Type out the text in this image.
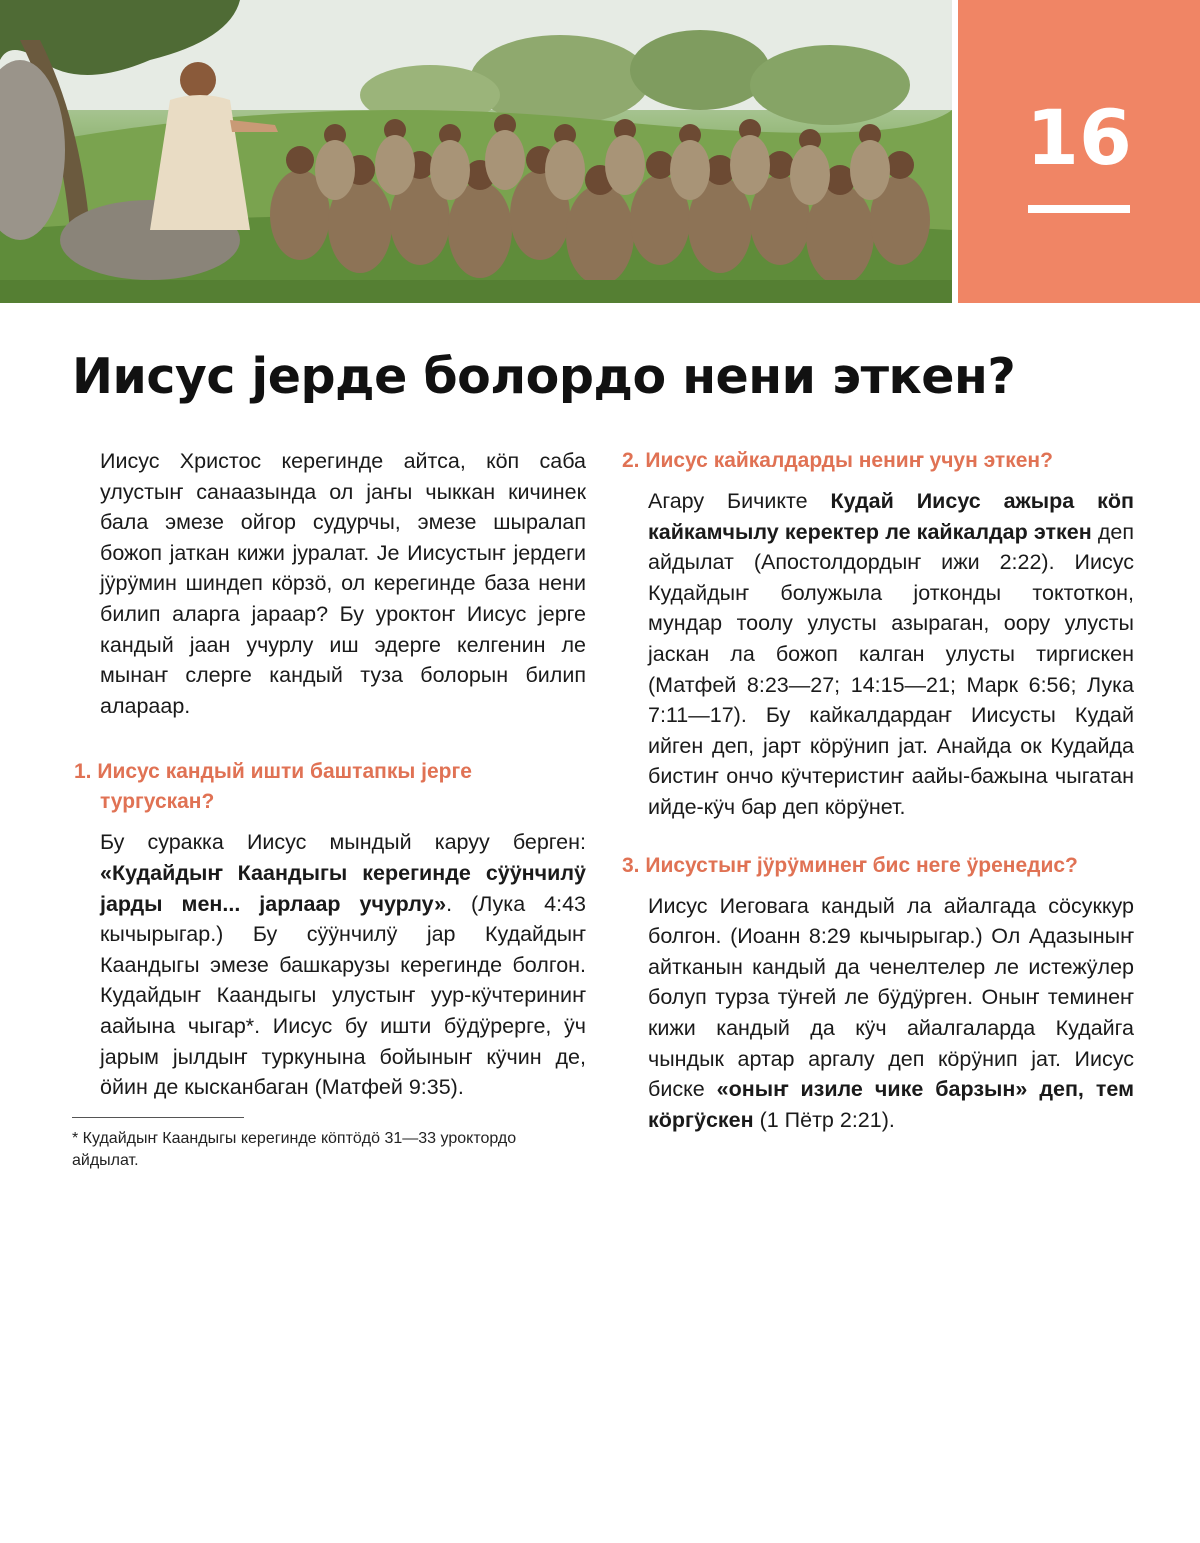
16
Иисус јерде болордо нени эткен?

Иисус Христос керегинде айтса, кӧп саба улустыҥ санаазында ол јаҥы чыккан кичинек бала эмезе ойгор судурчы, эмезе шыралап божоп јаткан кижи јуралат. Је Иисустыҥ јердеги јӱрӱмин шиндеп кӧрзӧ, ол керегинде база нени билип аларга јараар? Бу уроктоҥ Иисус јерге кандый јаан учурлу иш эдерге келгенин ле мынаҥ слерге кандый туза болорын билип алараар.

1. Иисус кандый ишти баштапкы јерге тургускан?

Бу суракка Иисус мындый каруу берген: «Кудайдыҥ Каандыгы керегинде сӱӱнчилӱ јарды мен... јарлаар учурлу». (Лука 4:43 кычырыгар.) Бу сӱӱнчилӱ јар Кудайдыҥ Каандыгы эмезе башкарузы керегинде болгон. Кудайдыҥ Каандыгы улустыҥ уур-кӱчтериниҥ аайына чыгар*. Иисус бу ишти бӱдӱрерге, ӱч јарым јылдыҥ туркунына бойыныҥ кӱчин де, ӧйин де кысканбаган (Матфей 9:35).

* Кудайдыҥ Каандыгы керегинде кӧптӧдӧ 31—33 уроктордо айдылат.
2. Иисус кайкалдарды нениҥ учун эткен?

Агару Бичикте Кудай Иисус ажыра кӧп кайкамчылу керектер ле кайкалдар эткен деп айдылат (Апостолдордыҥ ижи 2:22). Иисус Кудайдыҥ болужыла јотконды токтоткон, мундар тоолу улусты азыраган, оору улусты јаскан ла божоп калган улусты тиргискен (Матфей 8:23—27; 14:15—21; Марк 6:56; Лука 7:11—17). Бу кайкалдардаҥ Иисусты Кудай ийген деп, јарт кӧрӱнип јат. Анайда ок Кудайда бистиҥ ончо кӱчтеристиҥ аайы-бажына чыгатан ийде-кӱч бар деп кӧрӱнет.

3. Иисустыҥ јӱрӱминеҥ бис неге ӱренедис?

Иисус Иеговага кандый ла айалгада сӧсуккур болгон. (Иоанн 8:29 кычырыгар.) Ол Адазыныҥ айтканын кандый да ченелтелер ле истежӱлер болуп турза тӱҥей ле бӱдӱрген. Оныҥ теминеҥ кижи кандый да кӱч айалгаларда Кудайга чындык артар аргалу деп кӧрӱнип јат. Иисус биске «оныҥ изиле чике барзын» деп, тем кӧргӱскен (1 Пётр 2:21).
